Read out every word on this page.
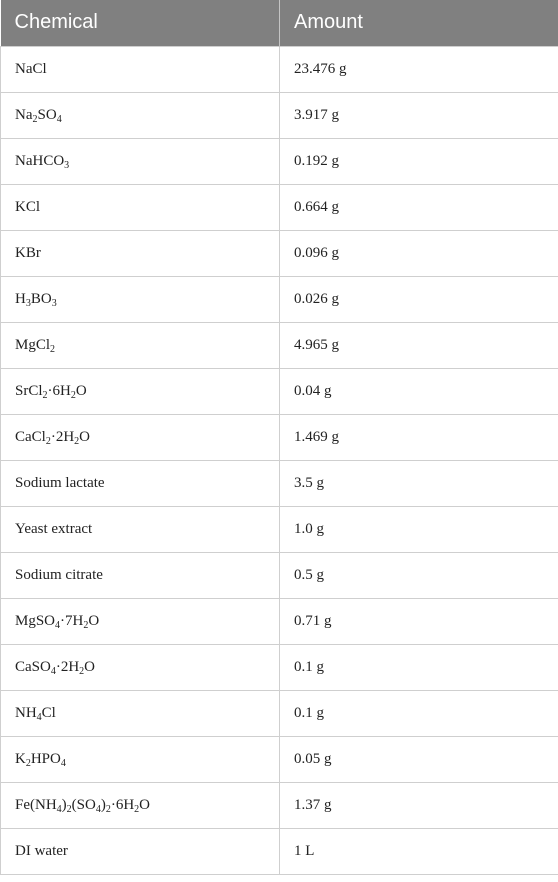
Chemical	Amount
NaCl	23.476 g
$Na_2SO_4$	3.917 g
NaHCO$_3$	0.192 g
KCl	0.664 g
KBr	0.096 g
$H_3BO_3$	0.026 g
MgCl$_2$	4.965 g
$SrCl_2\cdot 6H_2O$	0.04 g
$CaCl_2\cdot 2H_2O$	1.469 g
Sodium lactate	3.5 g
Yeast extract	1.0 g
Sodium citrate	0.5 g
$MgSO_4\cdot 7H_2O$	0.71 g
$CaSO_4\cdot 2H_2O$	0.1 g
$NH_4Cl$	0.1 g
$K_2HPO_4$	0.05 g
$Fe(NH_4)_2(SO_4)_2\cdot 6H_2O$	1.37 g
DI water	1 L
